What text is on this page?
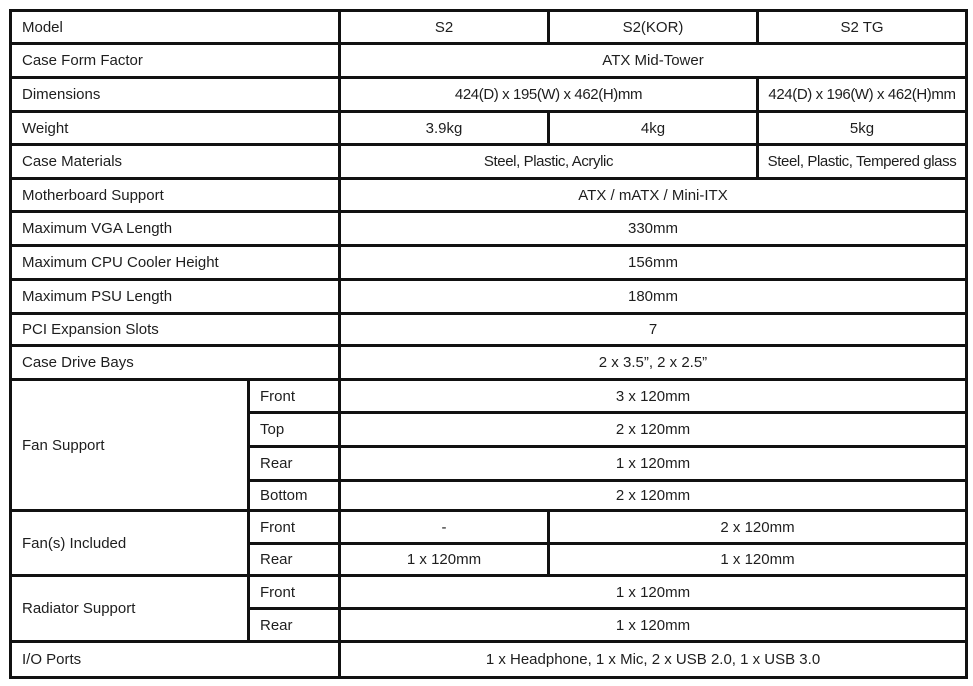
Model		S2	S2(KOR)	S2 TG
Case Form Factor		ATX Mid-Tower		
Dimensions		424(D) x 195(W) x 462(H)mm		424(D) x 196(W) x 462(H)mm
Weight		3.9kg	4kg	5kg
Case Materials		Steel, Plastic, Acrylic		Steel, Plastic, Tempered glass
Motherboard Support		ATX / mATX / Mini-ITX		
Maximum VGA Length		330mm		
Maximum CPU Cooler Height		156mm		
Maximum PSU Length		180mm		
PCI Expansion Slots		7		
Case Drive Bays		2 x 3.5”, 2 x 2.5”		
Fan Support	Front	3 x 120mm		
	Top	2 x 120mm		
	Rear	1 x 120mm		
	Bottom	2 x 120mm		
Fan(s) Included	Front	-	2 x 120mm	
	Rear	1 x 120mm	1 x 120mm	
Radiator Support	Front	1 x 120mm		
	Rear	1 x 120mm		
I/O Ports		1 x Headphone, 1 x Mic, 2 x USB 2.0, 1 x USB 3.0		
